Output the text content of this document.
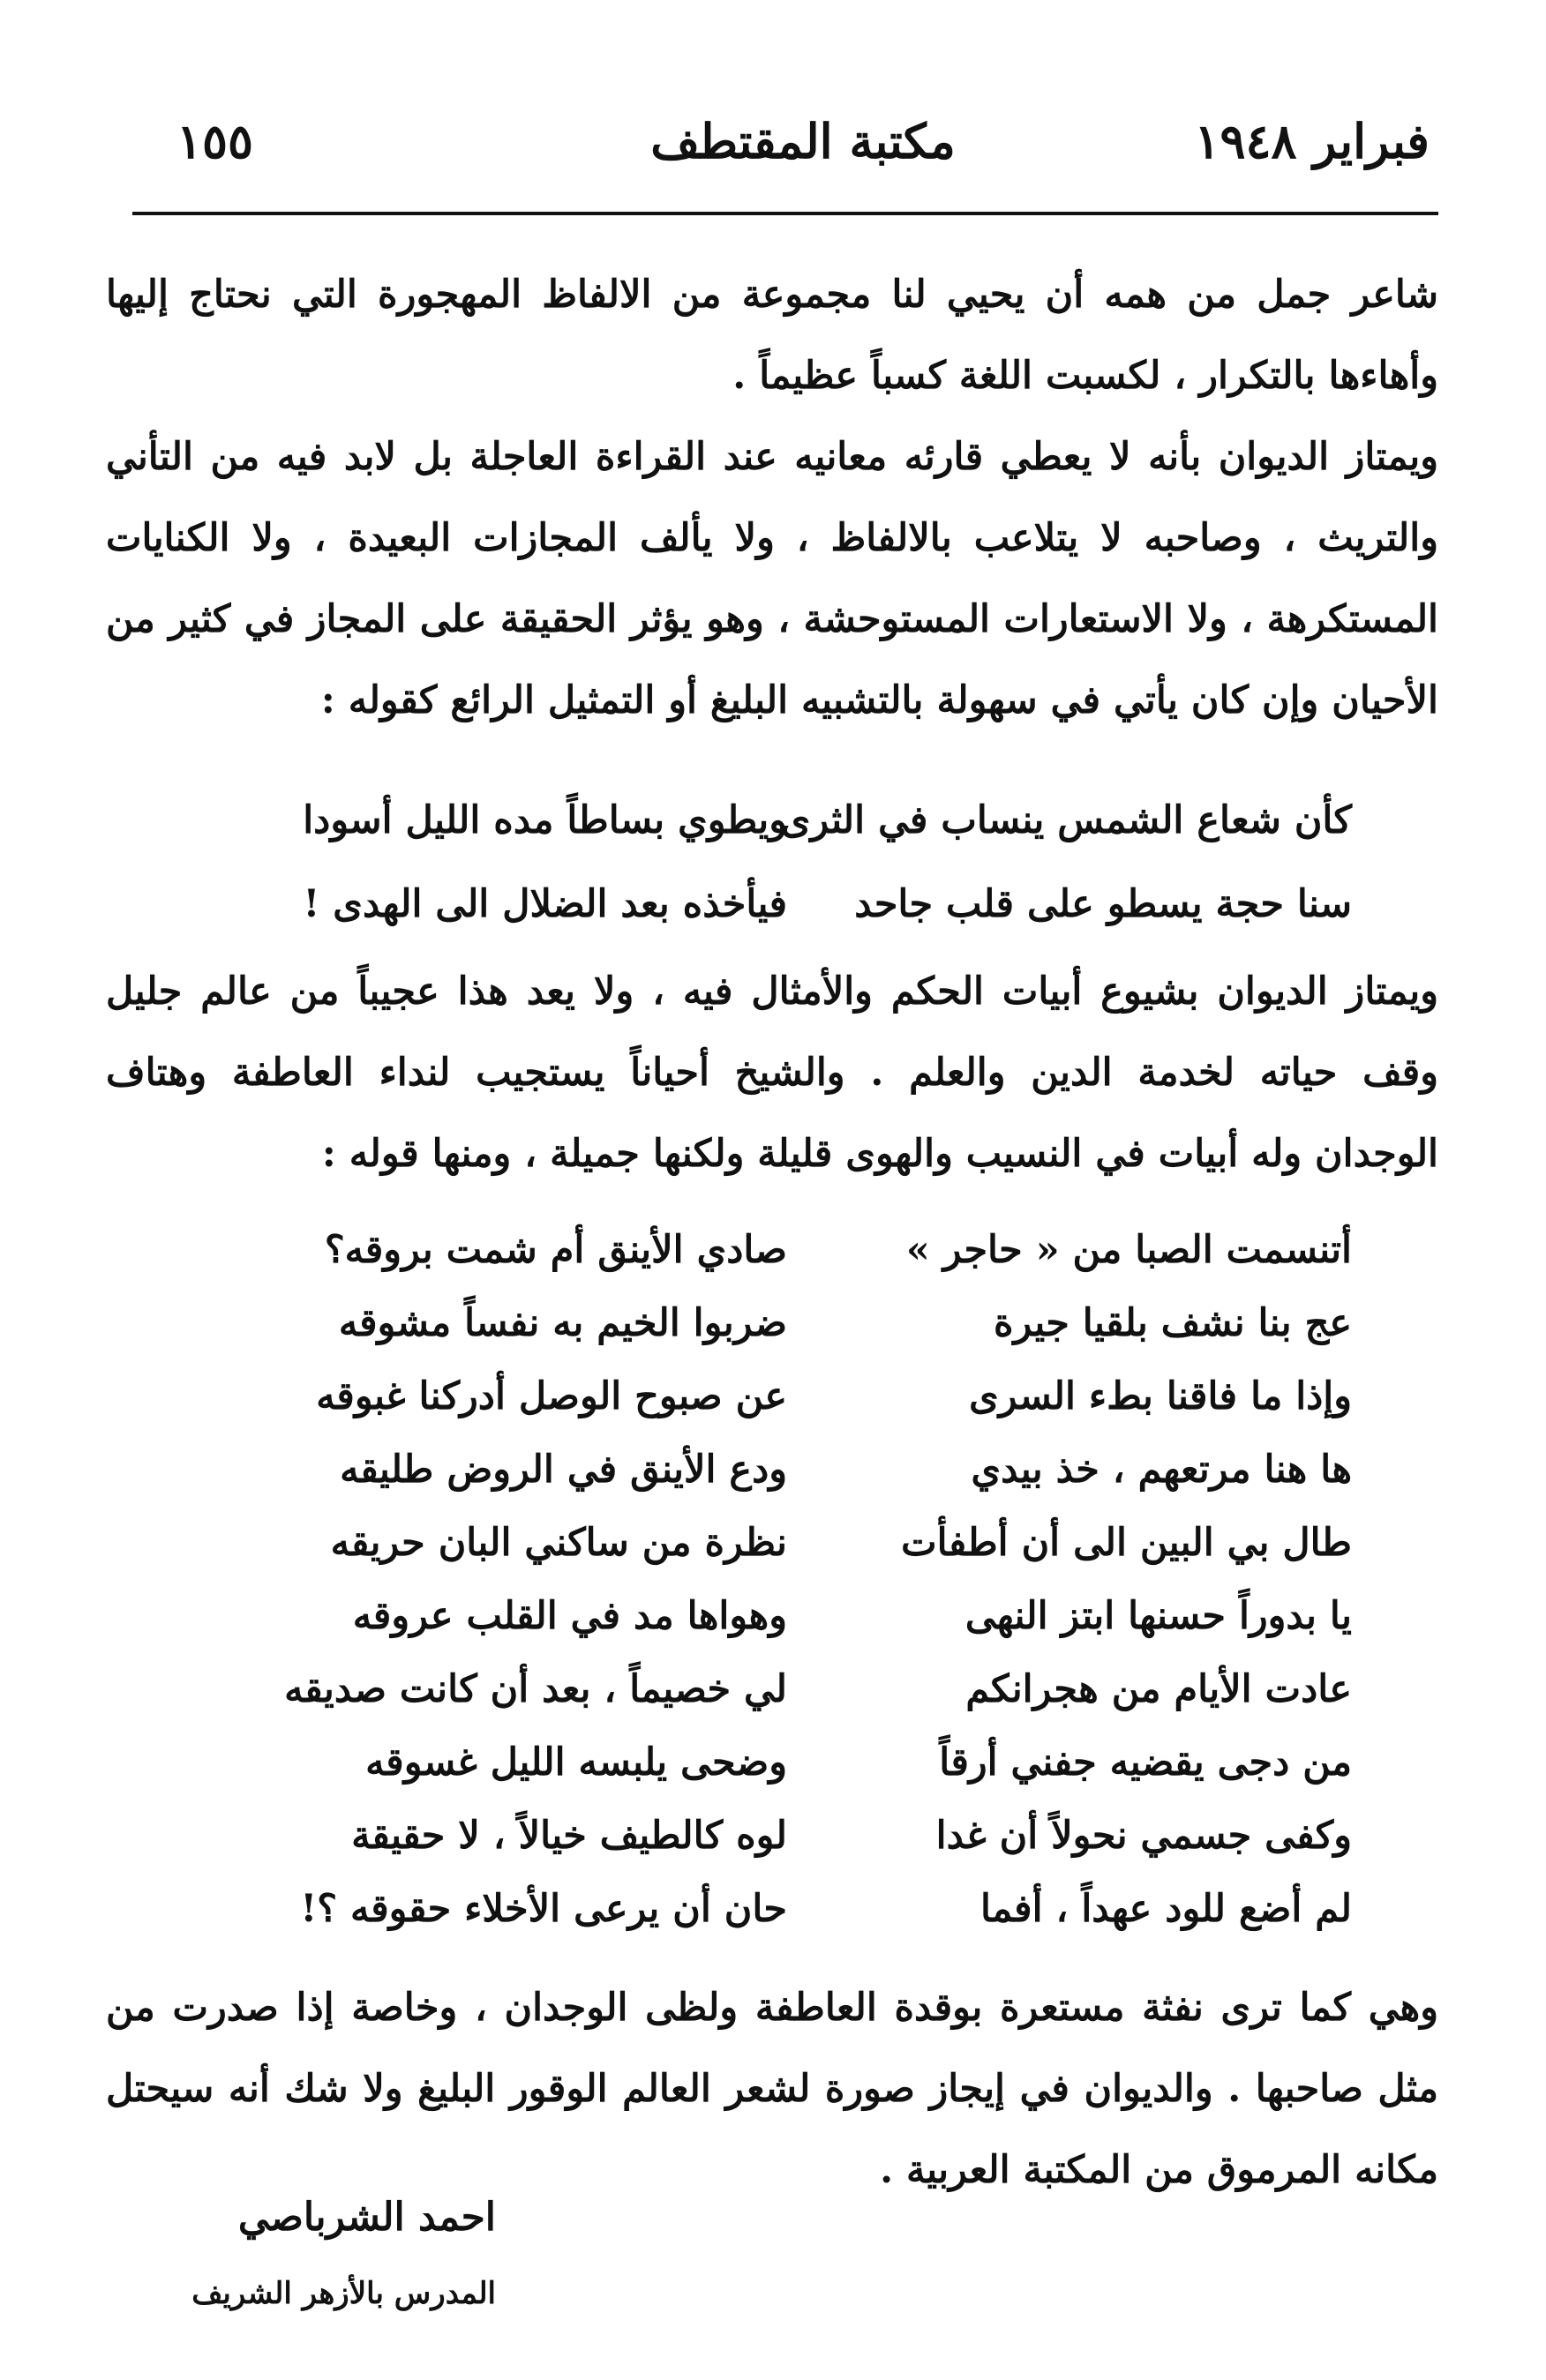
فبراير ١٩٤٨
مكتبة المقتطف
١٥٥

شاعر جمل من همه أن يحيي لنا مجموعة من الالفاظ المهجورة التي نحتاج إليها وأهاءها بالتكرار ، لكسبت اللغة كسباً عظيماً .

ويمتاز الديوان بأنه لا يعطي قارئه معانيه عند القراءة العاجلة بل لابد فيه من التأني والتريث ، وصاحبه لا يتلاعب بالالفاظ ، ولا يألف المجازات البعيدة ، ولا الكنايات المستكرهة ، ولا الاستعارات المستوحشة ، وهو يؤثر الحقيقة على المجاز في كثير من الأحيان وإن كان يأتي في سهولة بالتشبيه البليغ أو التمثيل الرائع كقوله :

كأن شعاع الشمس ينساب في الثرى
ويطوي بساطاً مده الليل أسودا
سنا حجة يسطو على قلب جاحد
فيأخذه بعد الضلال الى الهدى !

ويمتاز الديوان بشيوع أبيات الحكم والأمثال فيه ، ولا يعد هذا عجيباً من عالم جليل وقف حياته لخدمة الدين والعلم . والشيخ أحياناً يستجيب لنداء العاطفة وهتاف الوجدان وله أبيات في النسيب والهوى قليلة ولكنها جميلة ، ومنها قوله :

أتنسمت الصبا من « حاجر »
صادي الأينق أم شمت بروقه؟
عج بنا نشف بلقيا جيرة
ضربوا الخيم به نفساً مشوقه
وإذا ما فاقنا بطء السرى
عن صبوح الوصل أدركنا غبوقه
ها هنا مرتعهم ، خذ بيدي
ودع الأينق في الروض طليقه
طال بي البين الى أن أطفأت
نظرة من ساكني البان حريقه
يا بدوراً حسنها ابتز النهى
وهواها مد في القلب عروقه
عادت الأيام من هجرانكم
لي خصيماً ، بعد أن كانت صديقه
من دجى يقضيه جفني أرقاً
وضحى يلبسه الليل غسوقه
وكفى جسمي نحولاً أن غدا
لوه كالطيف خيالاً ، لا حقيقة
لم أضع للود عهداً ، أفما
حان أن يرعى الأخلاء حقوقه ؟!

وهي كما ترى نفثة مستعرة بوقدة العاطفة ولظى الوجدان ، وخاصة إذا صدرت من مثل صاحبها . والديوان في إيجاز صورة لشعر العالم الوقور البليغ ولا شك أنه سيحتل مكانه المرموق من المكتبة العربية .

احمد الشرباصي
المدرس بالأزهر الشريف
